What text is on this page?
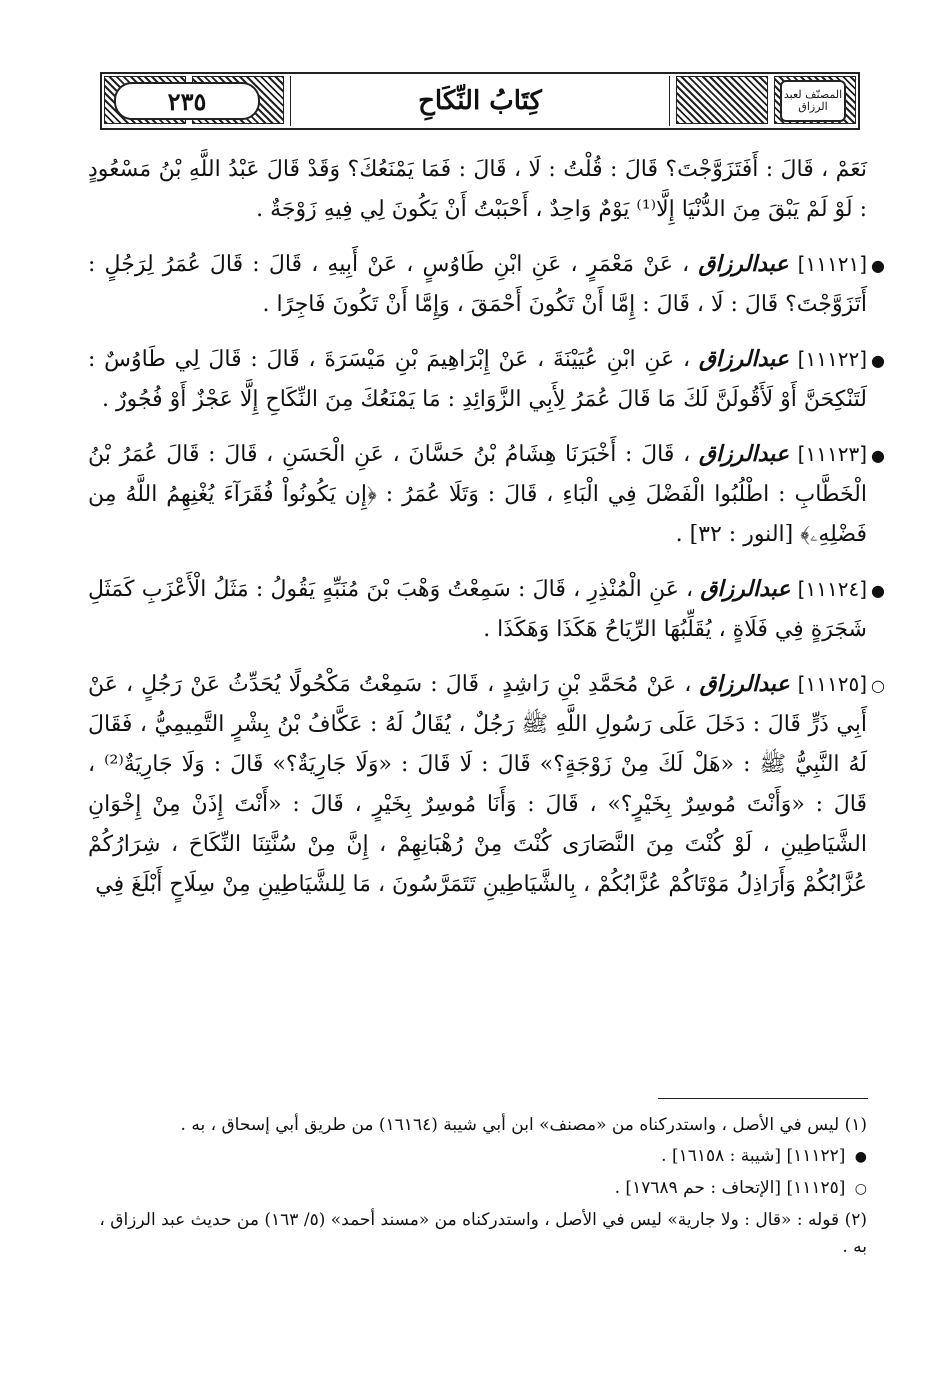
كِتَابُ النِّكَاحِ
٢٣٥	المصنّف لعبد الرزاق

نَعَمْ ، قَالَ : أَفَتَزَوَّجْتَ؟ قَالَ : قُلْتُ : لَا ، قَالَ : فَمَا يَمْنَعُكَ؟ وَقَدْ قَالَ عَبْدُ اللَّهِ بْنُ مَسْعُودٍ : لَوْ لَمْ يَبْقَ مِنَ الدُّنْيَا إِلَّا⁽¹⁾ يَوْمٌ وَاحِدٌ ، أَحْبَبْتُ أَنْ يَكُونَ لِي فِيهِ زَوْجَةٌ .

●
[١١١٢١] عبدالرزاق ، عَنْ مَعْمَرٍ ، عَنِ ابْنِ طَاوُسٍ ، عَنْ أَبِيهِ ، قَالَ : قَالَ عُمَرُ لِرَجُلٍ : أَتَزَوَّجْتَ؟ قَالَ : لَا ، قَالَ : إِمَّا أَنْ تَكُونَ أَحْمَقَ ، وَإِمَّا أَنْ تَكُونَ فَاجِرًا .

●
[١١١٢٢] عبدالرزاق ، عَنِ ابْنِ عُيَيْنَةَ ، عَنْ إِبْرَاهِيمَ بْنِ مَيْسَرَةَ ، قَالَ : قَالَ لِي طَاوُسٌ : لَتَنْكِحَنَّ أَوْ لَأَقُولَنَّ لَكَ مَا قَالَ عُمَرُ لِأَبِي الزَّوَائِدِ : مَا يَمْنَعُكَ مِنَ النِّكَاحِ إِلَّا عَجْزٌ أَوْ فُجُورٌ .

●
[١١١٢٣] عبدالرزاق ، قَالَ : أَخْبَرَنَا هِشَامُ بْنُ حَسَّانَ ، عَنِ الْحَسَنِ ، قَالَ : قَالَ عُمَرُ بْنُ الْخَطَّابِ : اطْلُبُوا الْفَضْلَ فِي الْبَاءِ ، قَالَ : وَتَلَا عُمَرُ : ﴿إِن يَكُونُواْ فُقَرَآءَ يُغْنِهِمُ اللَّهُ مِن فَضْلِهِۦ﴾ [النور : ٣٢] .

●
[١١١٢٤] عبدالرزاق ، عَنِ الْمُنْذِرِ ، قَالَ : سَمِعْتُ وَهْبَ بْنَ مُنَبِّهٍ يَقُولُ : مَثَلُ الْأَعْزَبِ كَمَثَلِ شَجَرَةٍ فِي فَلَاةٍ ، يُقَلِّبُهَا الرِّيَاحُ هَكَذَا وَهَكَذَا .

○
[١١١٢٥] عبدالرزاق ، عَنْ مُحَمَّدِ بْنِ رَاشِدٍ ، قَالَ : سَمِعْتُ مَكْحُولًا يُحَدِّثُ عَنْ رَجُلٍ ، عَنْ أَبِي ذَرٍّ قَالَ : دَخَلَ عَلَى رَسُولِ اللَّهِ ﷺ رَجُلٌ ، يُقَالُ لَهُ : عَكَّافُ بْنُ بِشْرٍ التَّمِيمِيُّ ، فَقَالَ لَهُ النَّبِيُّ ﷺ : «هَلْ لَكَ مِنْ زَوْجَةٍ؟» قَالَ : لَا قَالَ : «وَلَا جَارِيَةٌ؟» قَالَ : وَلَا جَارِيَةٌ⁽²⁾ ، قَالَ : «وَأَنْتَ مُوسِرٌ بِخَيْرٍ؟» ، قَالَ : وَأَنَا مُوسِرٌ بِخَيْرٍ ، قَالَ : «أَنْتَ إِذَنْ مِنْ إِخْوَانِ الشَّيَاطِينِ ، لَوْ كُنْتَ مِنَ النَّصَارَى كُنْتَ مِنْ رُهْبَانِهِمْ ، إِنَّ مِنْ سُنَّتِنَا النِّكَاحَ ، شِرَارُكُمْ عُزَّابُكُمْ وَأَرَاذِلُ مَوْتَاكُمْ عُزَّابُكُمْ ، بِالشَّيَاطِينِ تَتَمَرَّسُونَ ، مَا لِلشَّيَاطِينِ مِنْ سِلَاحٍ أَبْلَغَ فِي

(١) ليس في الأصل ، واستدركناه من «مصنف» ابن أبي شيبة (١٦١٦٤) من طريق أبي إسحاق ، به .

● [١١١٢٢] [شيبة : ١٦١٥٨] .

○ [١١١٢٥] [الإتحاف : حم ١٧٦٨٩] .

(٢) قوله : «قال : ولا جارية» ليس في الأصل ، واستدركناه من «مسند أحمد» (٥/ ١٦٣) من حديث عبد الرزاق ، به .
